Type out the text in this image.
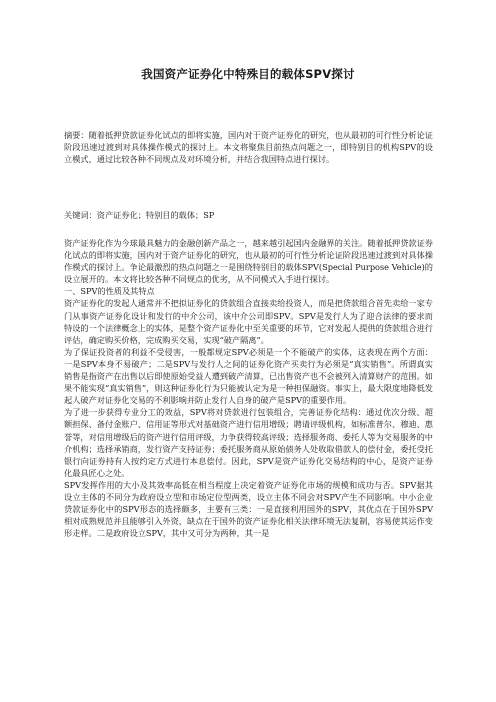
我国资产证券化中特殊目的载体SPV探讨

摘要：随着抵押贷款证券化试点的即将实施，国内对于资产证券化的研究，也从最初的可行性分析论证阶段迅速过渡到对具体操作模式的探讨上。本文将聚焦目前热点问题之一，即特别目的机构SPV的设立模式，通过比较各种不同规点及对环境分析，并结合我国特点进行探讨。

关键词：资产证券化；特别目的载体；SP

资产证券化作为今球最具魅力的金融创新产品之一，越来越引起国内金融界的关注。随着抵押贷款证券化试点的即将实施，国内对于资产证券化的研究，也从最初的可行性分析论证阶段迅速过渡到对具体操作模式的探讨上。争论最激烈的热点问题之一是围绕特别目的载体SPV(Special Purpose Vehicle)的设立展开的。本文将比较各种不同规点的优劣，从不同模式入手进行探讨。

一、SPV的性质及其特点

资产证券化的发起人通常并不把拟证券化的贷款组合直接卖给投资人，而是把贷款组合首先卖给一家专门从事资产证券化设计和发行的中介公司，该中介公司即SPV。SPV是发行人为了迎合法律的要求而特设的一个法律概念上的实体，是整个资产证券化中至关重要的环节，它对发起人提供的贷款组合进行评估，确定购买价格，完成购买交易，实现“破产隔离”。

为了保证投资者的利益不受侵害，一般都规定SPV必须是一个不能破产的实体，这表现在两个方面：一是SPV本身不易破产；二是SPV与发行人之间的证券化资产买卖行为必须是“真实销售”。所谓真实销售是指资产在出售以后即使原始受益人遭到破产清算，已出售资产也不会被列入清算财产的范围。如果不能实现“真实销售”，则这种证券化行为只能被认定为是一种担保融资。事实上，最大限度地降低发起人破产对证券化交易的不利影响并防止发行人自身的破产是SPV的重要作用。

为了进一步获得专业分工的效益，SPV将对贷款进行包装组合，完善证券化结构：通过优次分级、超额担保、备付金账户、信用证等形式对基础资产进行信用增级；聘请评级机构，如标准普尔、穆迪、惠誉等，对信用增级后的资产进行信用评级，力争获得较高评级；选择服务商、委托人等为交易服务的中介机构；选择承销商，发行资产支持证券；委托服务商从原始债务人处收取借款人的偿付金，委托受托银行向证券持有人按约定方式进行本息偿付。因此，SPV是资产证券化交易结构的中心，是资产证券化最具匠心之处。

SPV发挥作用的大小及其效率高低在相当程度上决定着资产证券化市场的规模和成功与否。SPV据其设立主体的不同分为政府设立型和市场定位型两类，设立主体不同会对SPV产生不同影响。中小企业贷款证券化中的SPV形态的选择颇多，主要有三类：一是直接利用国外的SPV，其优点在于国外SPV相对成熟规范并且能够引入外资，缺点在于国外的资产证券化相关法律环境无法复制，容易使其运作变形走样。二是政府设立SPV，其中又可分为两种，其一是
